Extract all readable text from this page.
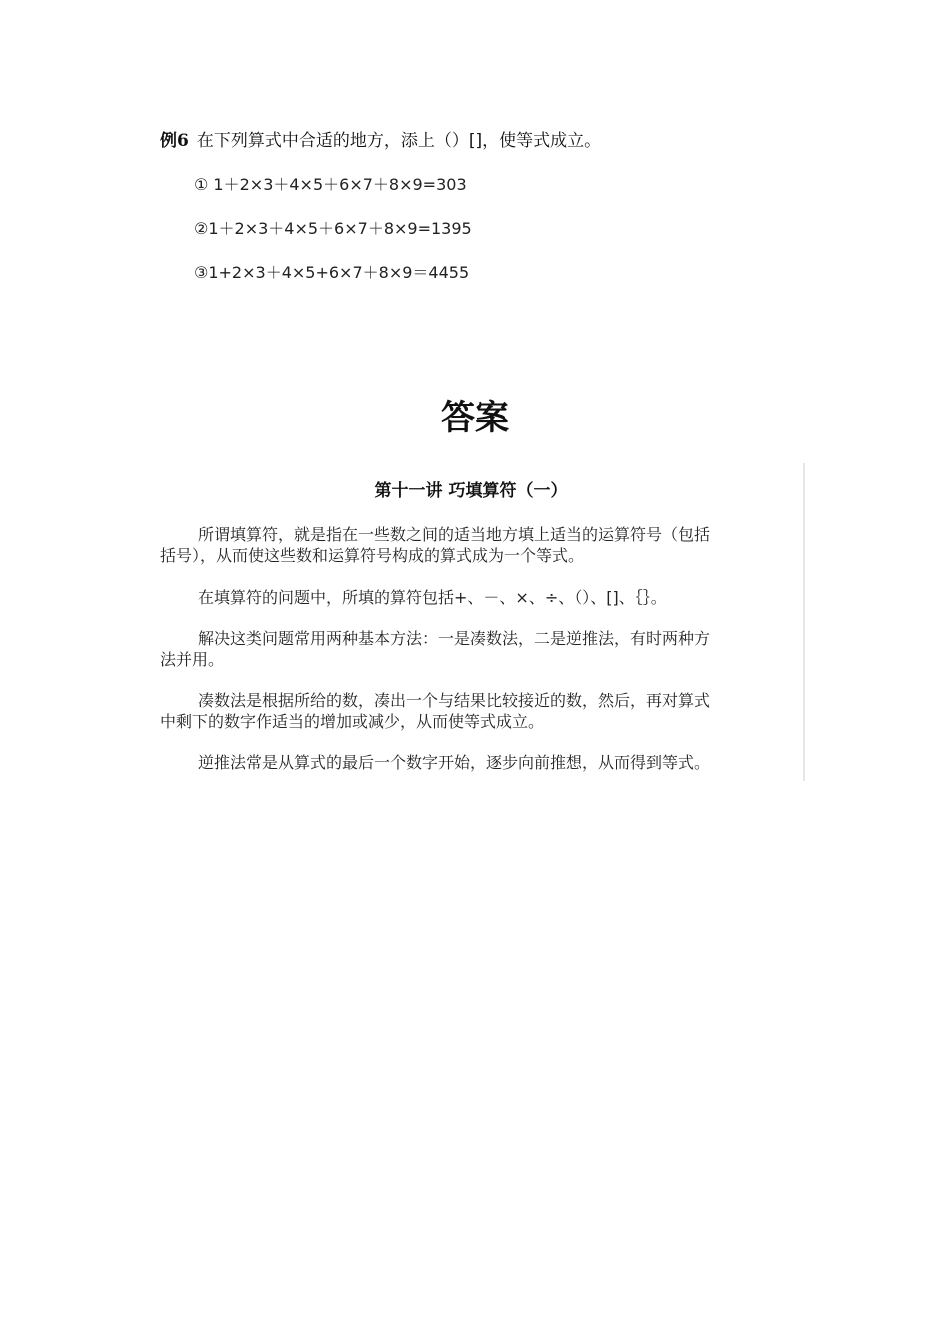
例6 在下列算式中合适的地方，添上（）[]，使等式成立。
① 1＋2×3＋4×5＋6×7＋8×9=303
②1＋2×3＋4×5＋6×7＋8×9=1395
③1+2×3＋4×5+6×7＋8×9＝4455
答案
第十一讲 巧填算符（一）

所谓填算符，就是指在一些数之间的适当地方填上适当的运算符号（包括
括号），从而使这些数和运算符号构成的算式成为一个等式。

在填算符的问题中，所填的算符包括+、－、×、÷、（）、[]、｛｝。

解决这类问题常用两种基本方法：一是凑数法，二是逆推法，有时两种方
法并用。

凑数法是根据所给的数，凑出一个与结果比较接近的数，然后，再对算式
中剩下的数字作适当的增加或减少，从而使等式成立。

逆推法常是从算式的最后一个数字开始，逐步向前推想，从而得到等式。
